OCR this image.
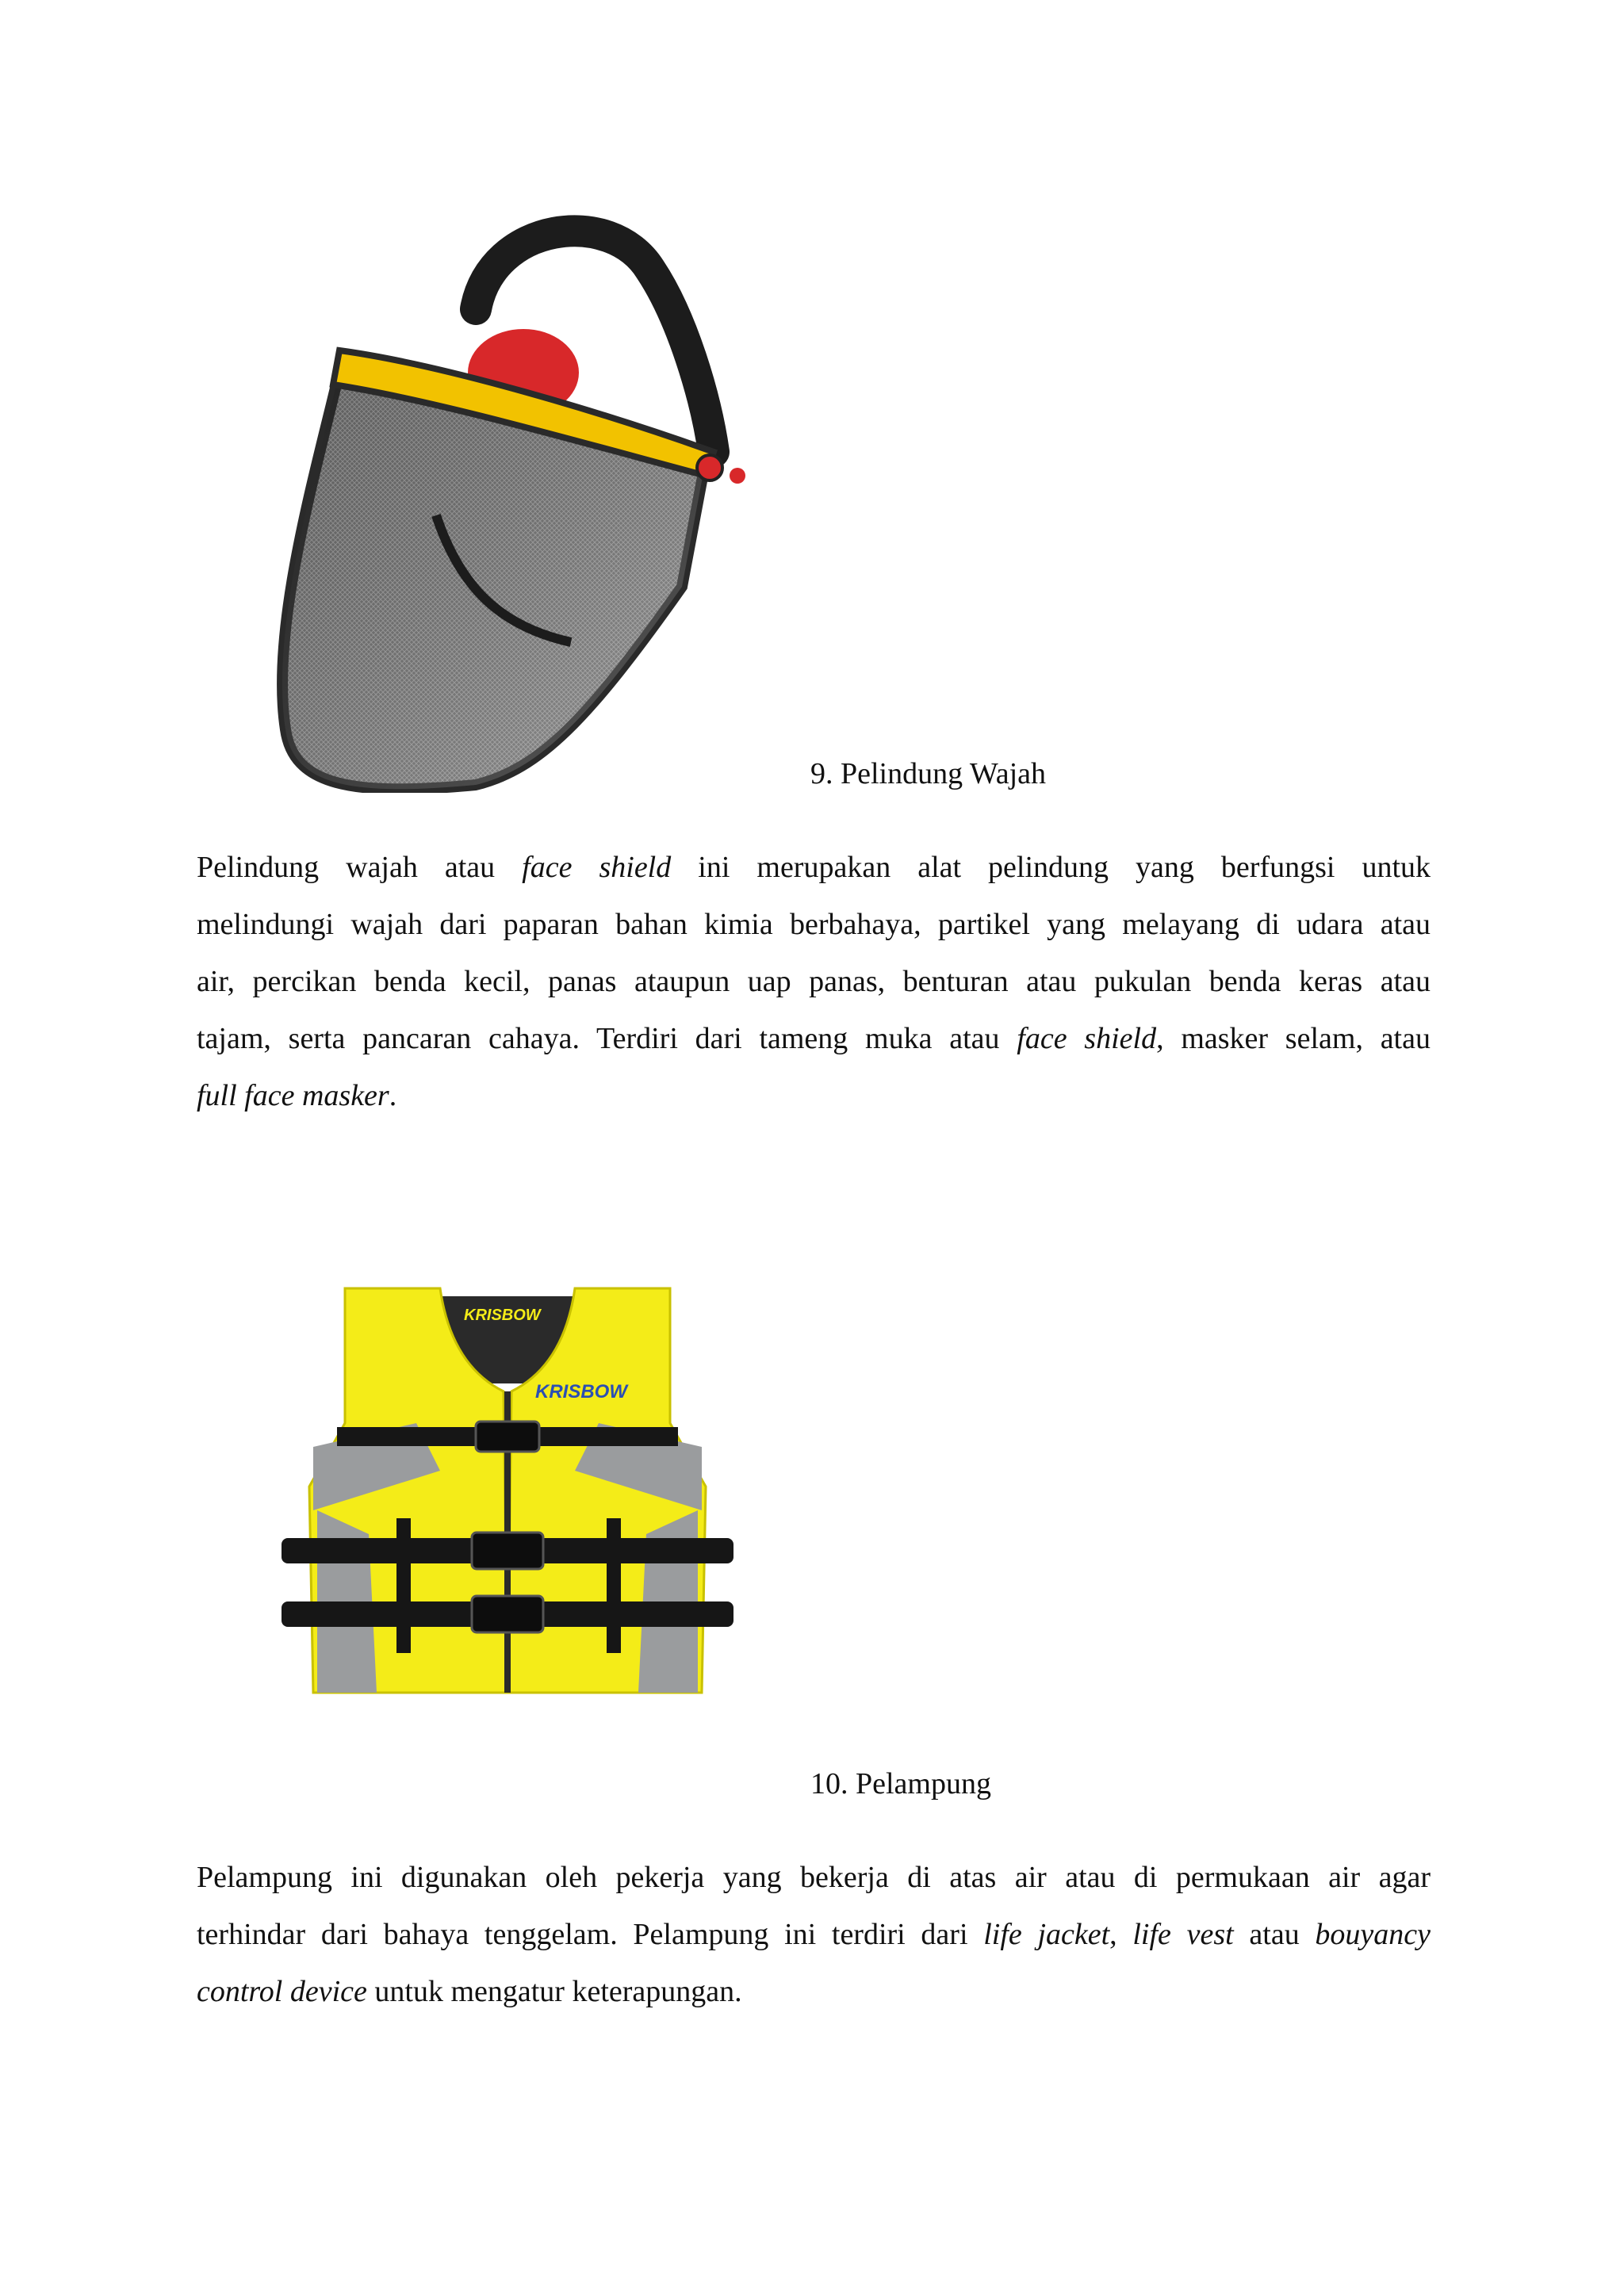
9. Pelindung Wajah
Pelindung wajah atau face shield ini merupakan alat pelindung yang berfungsi untuk
melindungi wajah dari paparan bahan kimia berbahaya, partikel yang melayang di udara atau
air, percikan benda kecil, panas ataupun uap panas, benturan atau pukulan benda keras atau
tajam, serta pancaran cahaya. Terdiri dari tameng muka atau face shield, masker selam, atau
full face masker.
KRISBOW
KRISBOW
10. Pelampung
Pelampung ini digunakan oleh pekerja yang bekerja di atas air atau di permukaan air agar
terhindar dari bahaya tenggelam. Pelampung ini terdiri dari life jacket, life vest atau bouyancy
control device untuk mengatur keterapungan.
